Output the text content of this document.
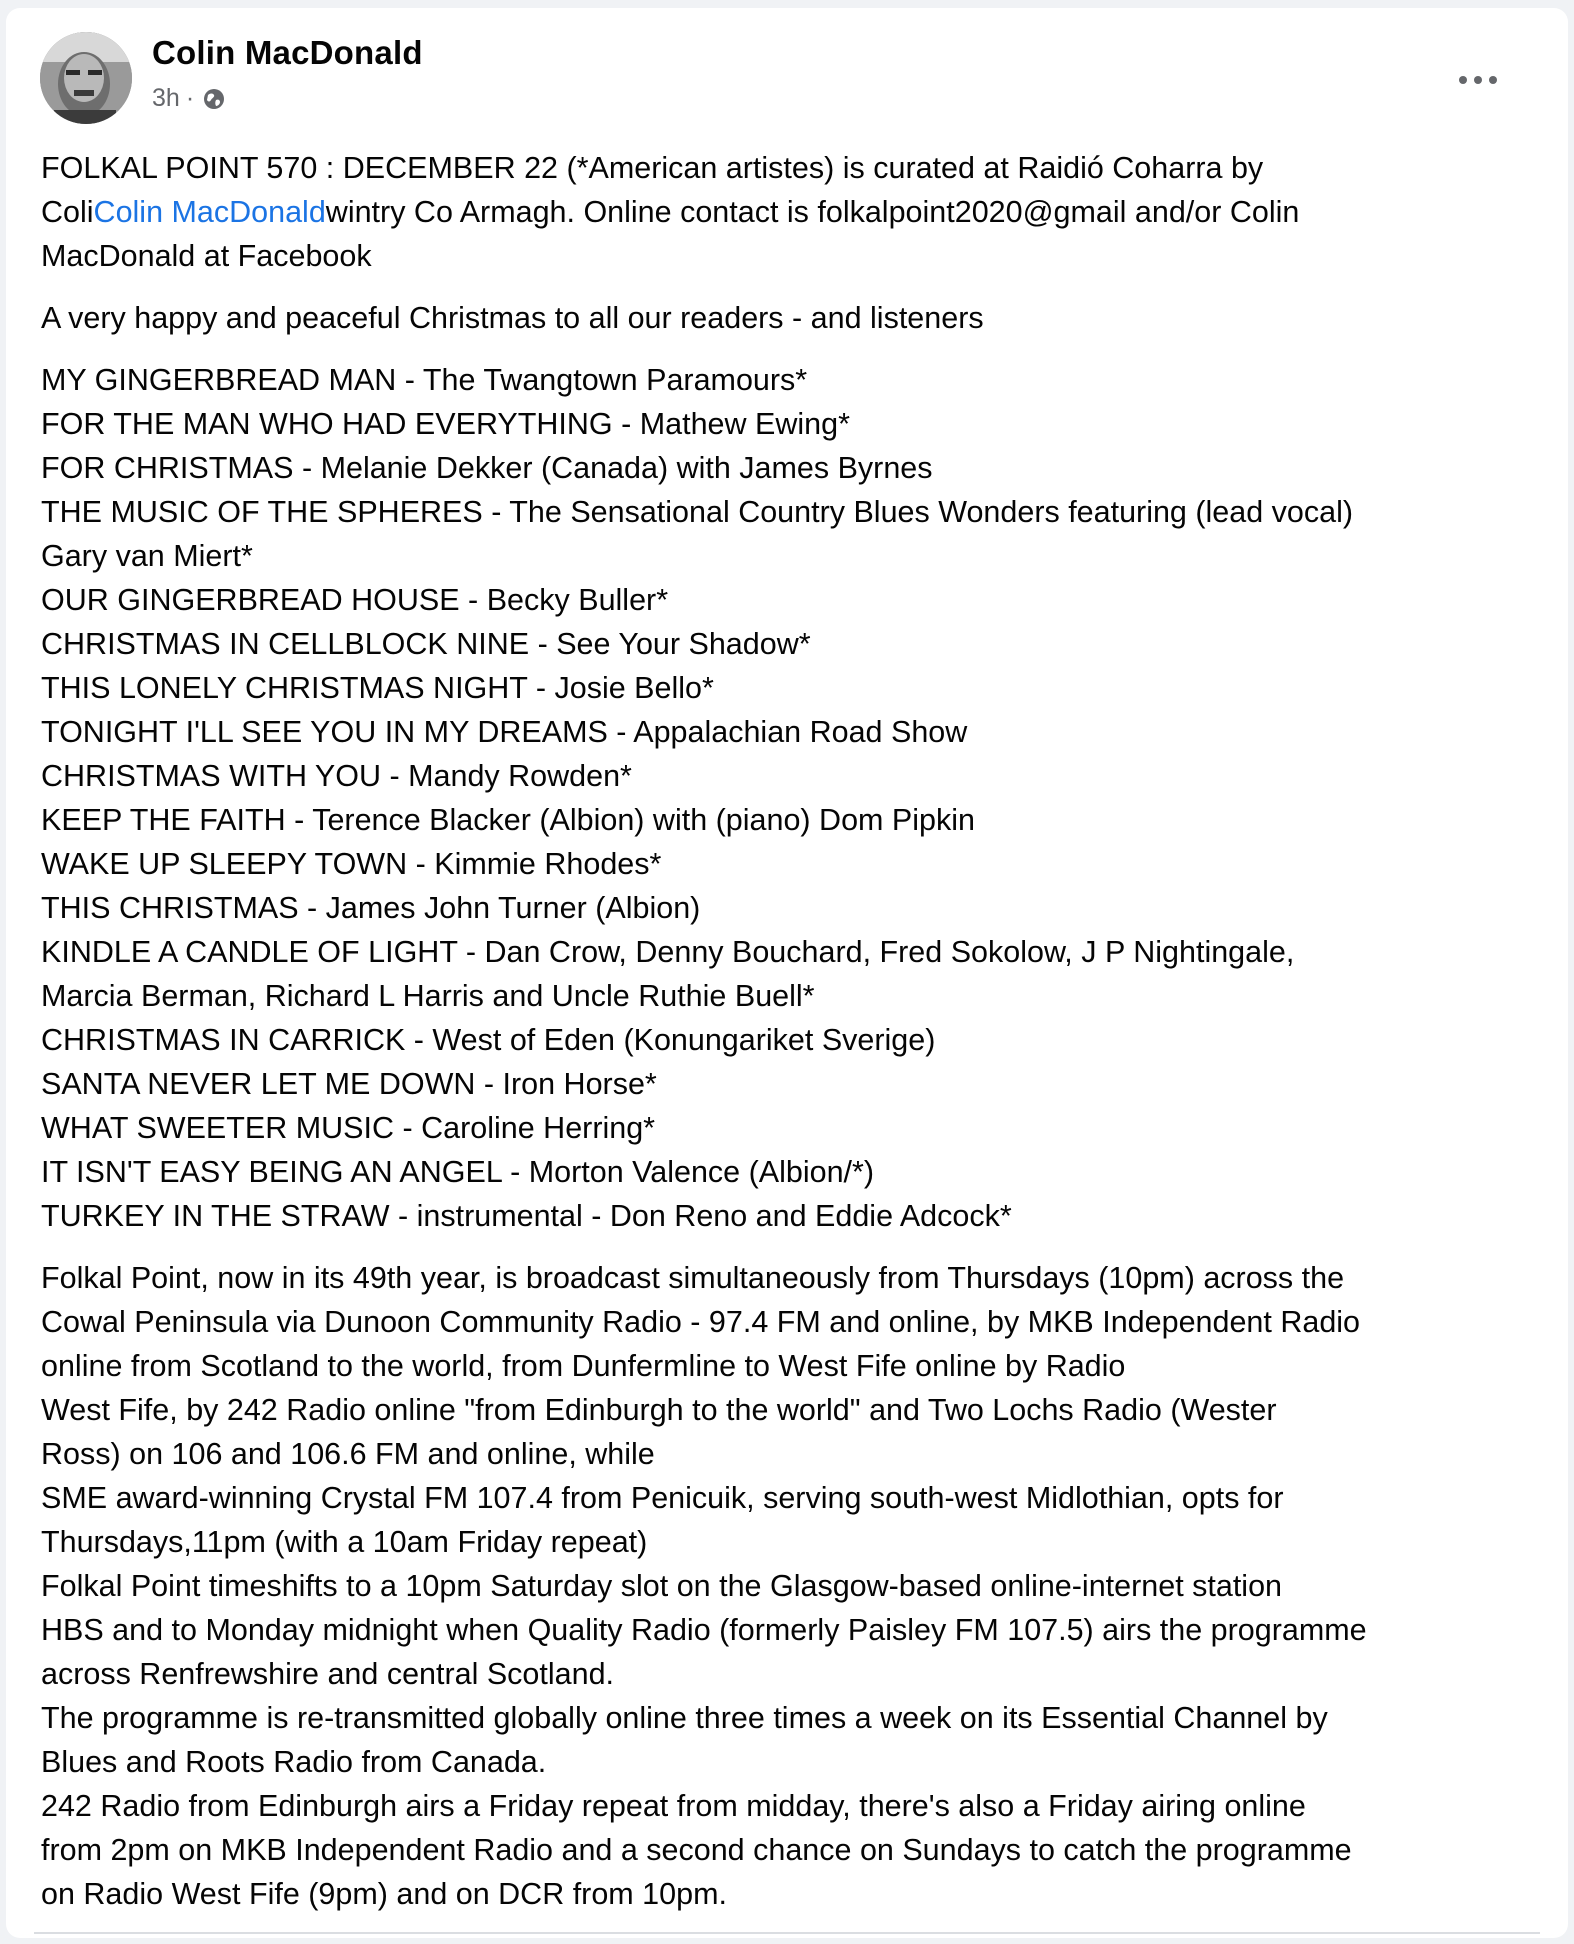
Colin MacDonald
3h ·

FOLKAL POINT 570 : DECEMBER 22 (*American artistes) is curated at Raidió Coharra by

ColiColin MacDonaldwintry Co Armagh. Online contact is folkalpoint2020@gmail and/or Colin

MacDonald at Facebook

A very happy and peaceful Christmas to all our readers - and listeners

MY GINGERBREAD MAN - The Twangtown Paramours*

FOR THE MAN WHO HAD EVERYTHING - Mathew Ewing*

FOR CHRISTMAS - Melanie Dekker (Canada) with James Byrnes

THE MUSIC OF THE SPHERES - The Sensational Country Blues Wonders featuring (lead vocal)

Gary van Miert*

OUR GINGERBREAD HOUSE - Becky Buller*

CHRISTMAS IN CELLBLOCK NINE - See Your Shadow*

THIS LONELY CHRISTMAS NIGHT - Josie Bello*

TONIGHT I'LL SEE YOU IN MY DREAMS - Appalachian Road Show

CHRISTMAS WITH YOU - Mandy Rowden*

KEEP THE FAITH - Terence Blacker (Albion) with (piano) Dom Pipkin

WAKE UP SLEEPY TOWN - Kimmie Rhodes*

THIS CHRISTMAS - James John Turner (Albion)

KINDLE A CANDLE OF LIGHT - Dan Crow, Denny Bouchard, Fred Sokolow, J P Nightingale,

Marcia Berman, Richard L Harris and Uncle Ruthie Buell*

CHRISTMAS IN CARRICK - West of Eden (Konungariket Sverige)

SANTA NEVER LET ME DOWN - Iron Horse*

WHAT SWEETER MUSIC - Caroline Herring*

IT ISN'T EASY BEING AN ANGEL - Morton Valence (Albion/*)

TURKEY IN THE STRAW - instrumental - Don Reno and Eddie Adcock*

Folkal Point, now in its 49th year, is broadcast simultaneously from Thursdays (10pm) across the

Cowal Peninsula via Dunoon Community Radio - 97.4 FM and online, by MKB Independent Radio

online from Scotland to the world, from Dunfermline to West Fife online by Radio

West Fife, by 242 Radio online "from Edinburgh to the world" and Two Lochs Radio (Wester

Ross) on 106 and 106.6 FM and online, while

SME award-winning Crystal FM 107.4 from Penicuik, serving south-west Midlothian, opts for

Thursdays,11pm (with a 10am Friday repeat)

Folkal Point timeshifts to a 10pm Saturday slot on the Glasgow-based online-internet station

HBS and to Monday midnight when Quality Radio (formerly Paisley FM 107.5) airs the programme

across Renfrewshire and central Scotland.

The programme is re-transmitted globally online three times a week on its Essential Channel by

Blues and Roots Radio from Canada.

242 Radio from Edinburgh airs a Friday repeat from midday, there's also a Friday airing online

from 2pm on MKB Independent Radio and a second chance on Sundays to catch the programme

on Radio West Fife (9pm) and on DCR from 10pm.
